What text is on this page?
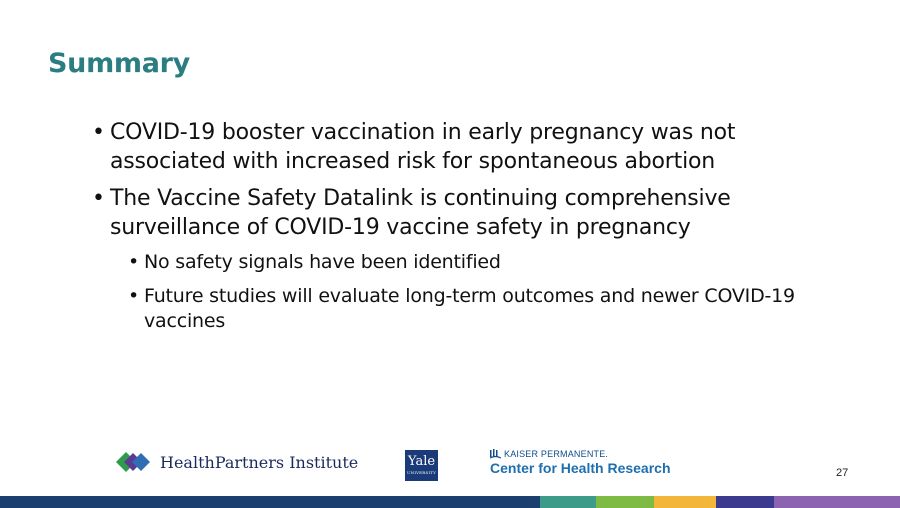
Summary
• COVID-19 booster vaccination in early pregnancy was not associated with increased risk for spontaneous abortion
• The Vaccine Safety Datalink is continuing comprehensive surveillance of COVID-19 vaccine safety in pregnancy
• No safety signals have been identified
• Future studies will evaluate long-term outcomes and newer COVID-19 vaccines
HealthPartners Institute	Yale
UNIVERSITY
KAISER PERMANENTE.
Center for Health Research	27
